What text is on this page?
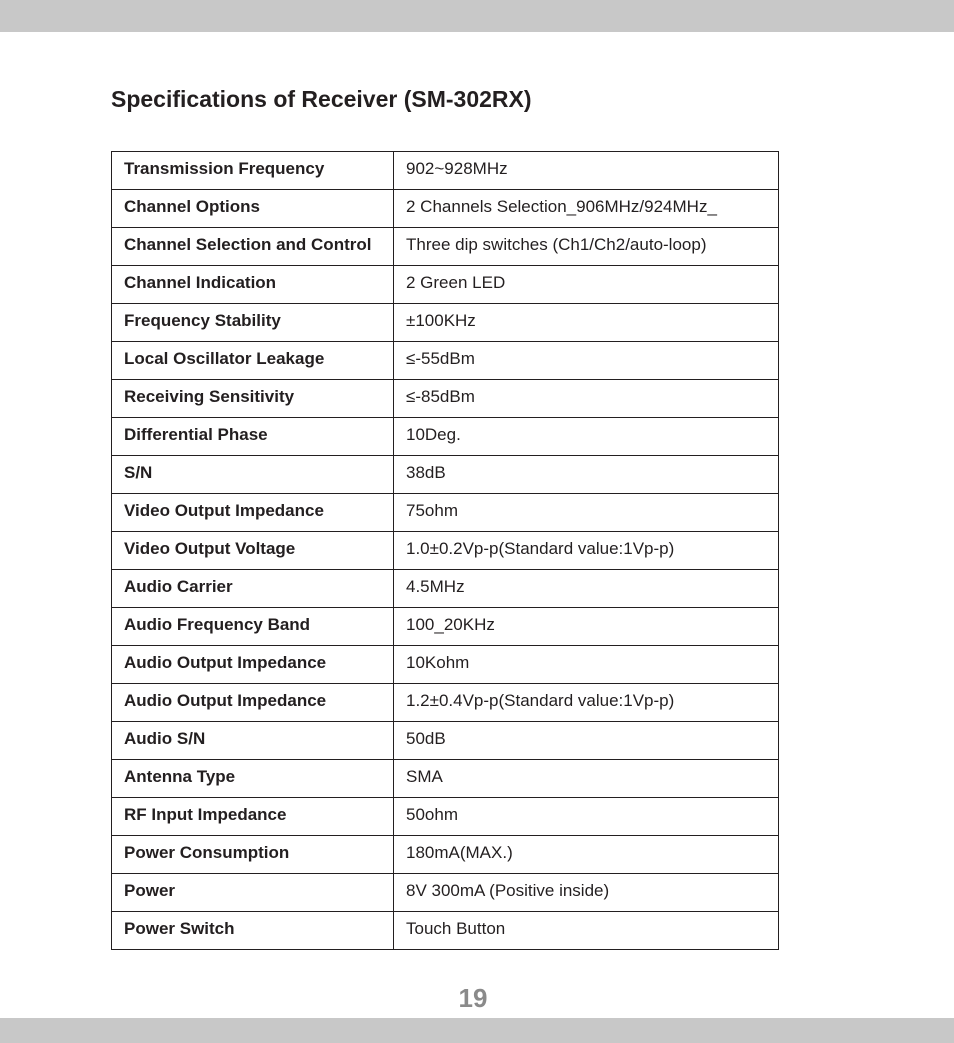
Specifications of Receiver (SM-302RX)
Transmission Frequency	902~928MHz
Channel Options	2 Channels Selection_906MHz/924MHz_
Channel Selection and Control	Three dip switches (Ch1/Ch2/auto-loop)
Channel Indication	2 Green LED
Frequency Stability	±100KHz
Local Oscillator Leakage	≤-55dBm
Receiving Sensitivity	≤-85dBm
Differential Phase	10Deg.
S/N	38dB
Video Output Impedance	75ohm
Video Output Voltage	1.0±0.2Vp-p(Standard value:1Vp-p)
Audio Carrier	4.5MHz
Audio Frequency Band	100_20KHz
Audio Output Impedance	10Kohm
Audio Output Impedance	1.2±0.4Vp-p(Standard value:1Vp-p)
Audio S/N	50dB
Antenna Type	SMA
RF Input Impedance	50ohm
Power Consumption	180mA(MAX.)
Power	8V 300mA (Positive inside)
Power Switch	Touch Button
19
